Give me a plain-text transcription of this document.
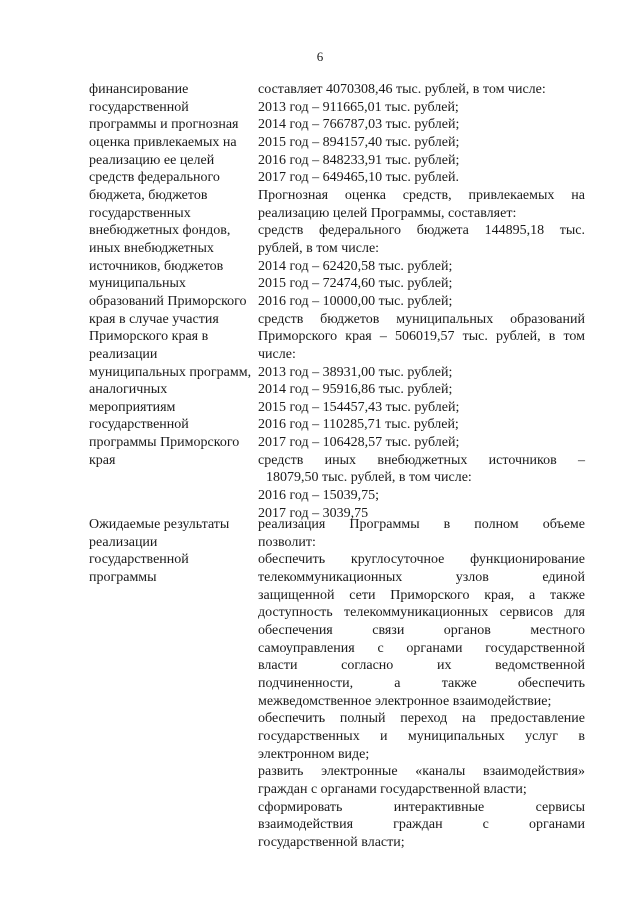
6
финансирование
государственной
программы и прогнозная
оценка привлекаемых на
реализацию ее целей
средств федерального
бюджета, бюджетов
государственных
внебюджетных фондов,
иных внебюджетных
источников, бюджетов
муниципальных
образований Приморского
края в случае участия
Приморского края в
реализации
муниципальных программ,
аналогичных
мероприятиям
государственной
программы Приморского
края
составляет 4070308,46 тыс. рублей, в том числе:
2013 год – 911665,01 тыс. рублей;
2014 год – 766787,03 тыс. рублей;
2015 год – 894157,40 тыс. рублей;
2016 год – 848233,91 тыс. рублей;
2017 год – 649465,10 тыс. рублей.
Прогнозная оценка средств, привлекаемых на
реализацию целей Программы, составляет:
средств федерального бюджета 144895,18 тыс.
рублей, в том числе:
2014 год – 62420,58 тыс. рублей;
2015 год – 72474,60 тыс. рублей;
2016 год – 10000,00 тыс. рублей;
средств бюджетов муниципальных образований
Приморского края – 506019,57 тыс. рублей, в том
числе:
2013 год – 38931,00 тыс. рублей;
2014 год – 95916,86 тыс. рублей;
2015 год – 154457,43 тыс. рублей;
2016 год – 110285,71 тыс. рублей;
2017 год – 106428,57 тыс. рублей;
средств иных внебюджетных источников –
18079,50 тыс. рублей, в том числе:
2016 год – 15039,75;
2017 год – 3039,75
Ожидаемые результаты
реализации
государственной
программы
реализация Программы в полном объеме
позволит:
обеспечить круглосуточное функционирование
телекоммуникационных узлов единой
защищенной сети Приморского края, а также
доступность телекоммуникационных сервисов для
обеспечения связи органов местного
самоуправления с органами государственной
власти согласно их ведомственной
подчиненности, а также обеспечить
межведомственное электронное взаимодействие;
обеспечить полный переход на предоставление
государственных и муниципальных услуг в
электронном виде;
развить электронные «каналы взаимодействия»
граждан с органами государственной власти;
сформировать интерактивные сервисы
взаимодействия граждан с органами
государственной власти;
